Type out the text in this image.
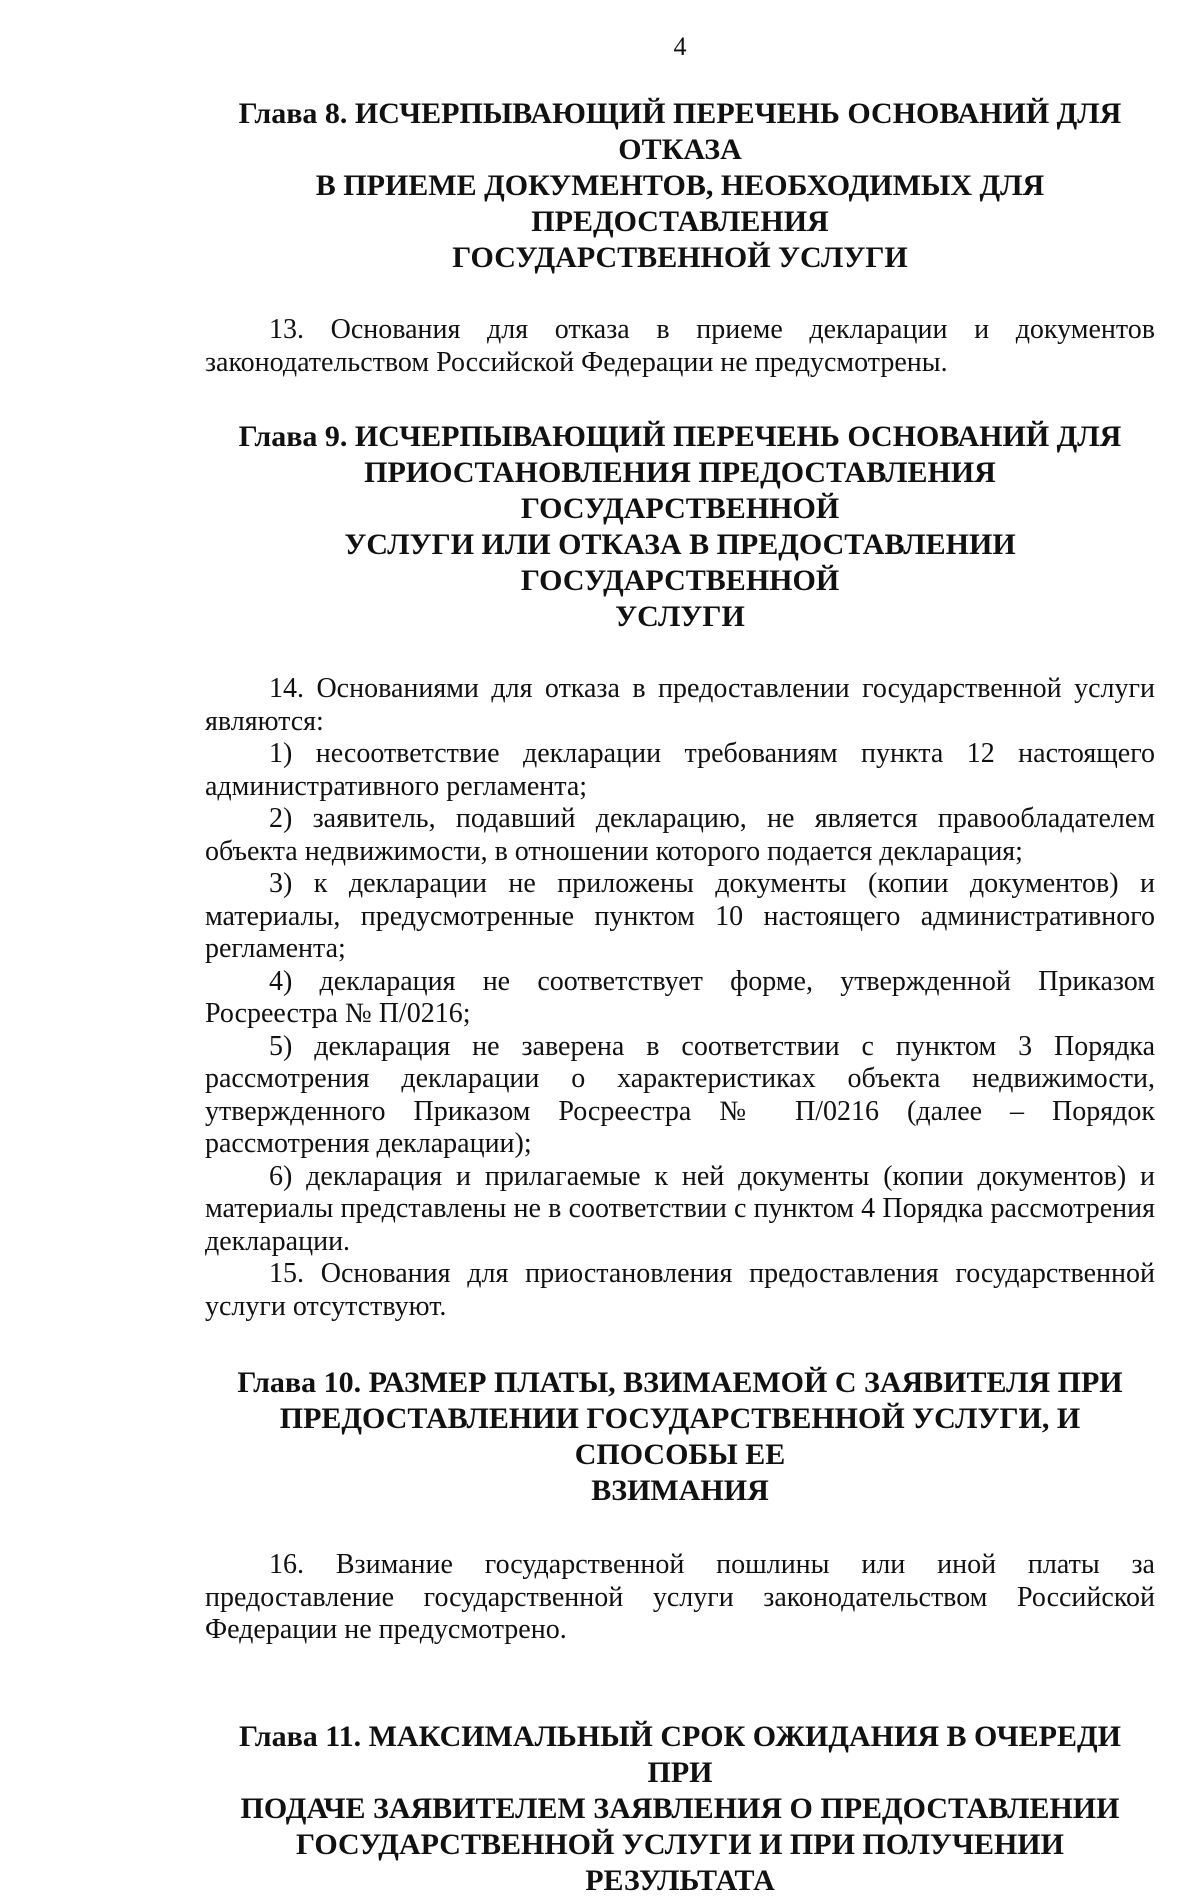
4
Глава 8. ИСЧЕРПЫВАЮЩИЙ ПЕРЕЧЕНЬ ОСНОВАНИЙ ДЛЯ ОТКАЗА
В ПРИЕМЕ ДОКУМЕНТОВ, НЕОБХОДИМЫХ ДЛЯ ПРЕДОСТАВЛЕНИЯ
ГОСУДАРСТВЕННОЙ УСЛУГИ

13. Основания для отказа в приеме декларации и документов законодательством Российской Федерации не предусмотрены.

Глава 9. ИСЧЕРПЫВАЮЩИЙ ПЕРЕЧЕНЬ ОСНОВАНИЙ ДЛЯ
ПРИОСТАНОВЛЕНИЯ ПРЕДОСТАВЛЕНИЯ ГОСУДАРСТВЕННОЙ
УСЛУГИ ИЛИ ОТКАЗА В ПРЕДОСТАВЛЕНИИ ГОСУДАРСТВЕННОЙ
УСЛУГИ

14. Основаниями для отказа в предоставлении государственной услуги являются:

1) несоответствие декларации требованиям пункта 12 настоящего административного регламента;

2) заявитель, подавший декларацию, не является правообладателем объекта недвижимости, в отношении которого подается декларация;

3) к декларации не приложены документы (копии документов) и материалы, предусмотренные пунктом 10 настоящего административного регламента;

4) декларация не соответствует форме, утвержденной Приказом Росреестра № П/0216;

5) декларация не заверена в соответствии с пунктом 3 Порядка рассмотрения декларации о характеристиках объекта недвижимости, утвержденного Приказом Росреестра № П/0216 (далее – Порядок рассмотрения декларации);

6) декларация и прилагаемые к ней документы (копии документов) и материалы представлены не в соответствии с пунктом 4 Порядка рассмотрения декларации.

15. Основания для приостановления предоставления государственной услуги отсутствуют.

Глава 10. РАЗМЕР ПЛАТЫ, ВЗИМАЕМОЙ С ЗАЯВИТЕЛЯ ПРИ
ПРЕДОСТАВЛЕНИИ ГОСУДАРСТВЕННОЙ УСЛУГИ, И СПОСОБЫ ЕЕ
ВЗИМАНИЯ

16. Взимание государственной пошлины или иной платы за предоставление государственной услуги законодательством Российской Федерации не предусмотрено.

Глава 11. МАКСИМАЛЬНЫЙ СРОК ОЖИДАНИЯ В ОЧЕРЕДИ ПРИ
ПОДАЧЕ ЗАЯВИТЕЛЕМ ЗАЯВЛЕНИЯ О ПРЕДОСТАВЛЕНИИ
ГОСУДАРСТВЕННОЙ УСЛУГИ И ПРИ ПОЛУЧЕНИИ РЕЗУЛЬТАТА
